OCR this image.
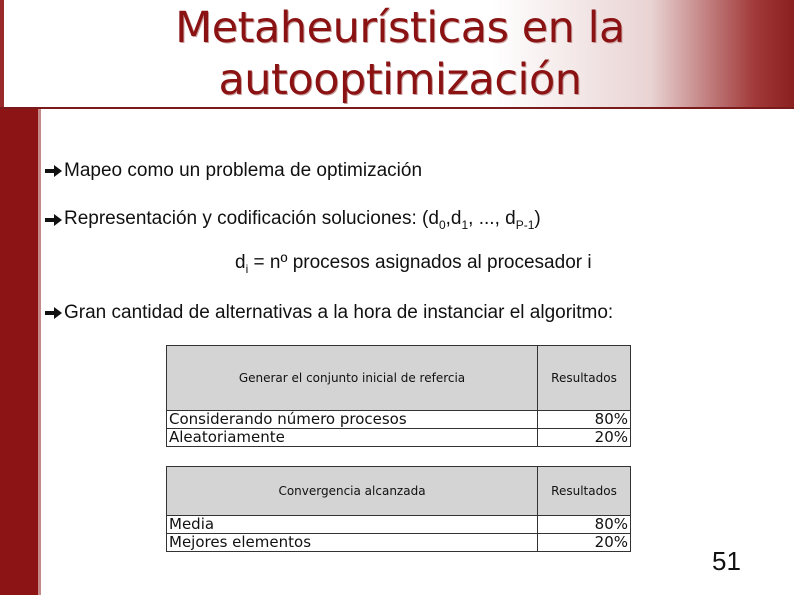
Metaheurísticas en la
autooptimización
Mapeo como un problema de optimización
Representación y codificación soluciones: ($d_0,d_1$, ..., $d_{P-1}$)
$d_i$ = nº procesos asignados al procesador i
Gran cantidad de alternativas a la hora de instanciar el algoritmo:
Generar el conjunto inicial de refercia	Resultados
Considerando número procesos	80%
Aleatoriamente	20%
Convergencia alcanzada	Resultados
Media	80%
Mejores elementos	20%
51
